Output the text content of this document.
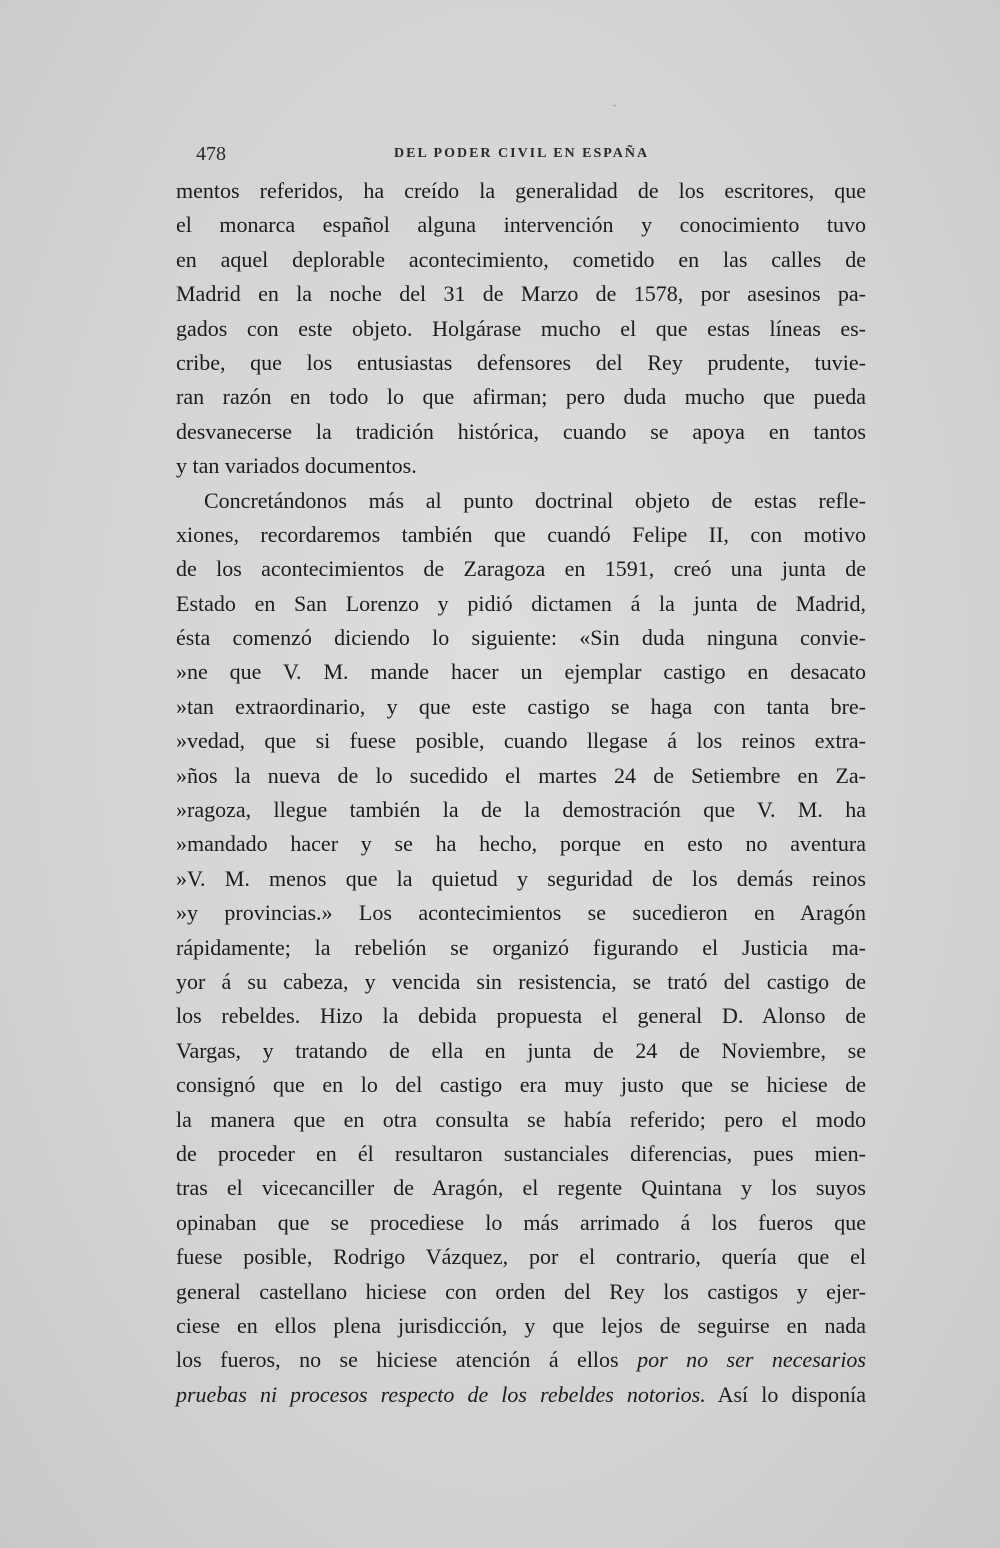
·
478	DEL PODER CIVIL EN ESPAÑA
mentos referidos, ha creído la generalidad de los escritores, que
el monarca español alguna intervención y conocimiento tuvo
en aquel deplorable acontecimiento, cometido en las calles de
Madrid en la noche del 31 de Marzo de 1578, por asesinos pa-
gados con este objeto. Holgárase mucho el que estas líneas es-
cribe, que los entusiastas defensores del Rey prudente, tuvie-
ran razón en todo lo que afirman; pero duda mucho que pueda
desvanecerse la tradición histórica, cuando se apoya en tantos
y tan variados documentos.
Concretándonos más al punto doctrinal objeto de estas refle-
xiones, recordaremos también que cuandó Felipe II, con motivo
de los acontecimientos de Zaragoza en 1591, creó una junta de
Estado en San Lorenzo y pidió dictamen á la junta de Madrid,
ésta comenzó diciendo lo siguiente: «Sin duda ninguna convie-
»ne que V. M. mande hacer un ejemplar castigo en desacato
»tan extraordinario, y que este castigo se haga con tanta bre-
»vedad, que si fuese posible, cuando llegase á los reinos extra-
»ños la nueva de lo sucedido el martes 24 de Setiembre en Za-
»ragoza, llegue también la de la demostración que V. M. ha
»mandado hacer y se ha hecho, porque en esto no aventura
»V. M. menos que la quietud y seguridad de los demás reinos
»y provincias.» Los acontecimientos se sucedieron en Aragón
rápidamente; la rebelión se organizó figurando el Justicia ma-
yor á su cabeza, y vencida sin resistencia, se trató del castigo de
los rebeldes. Hizo la debida propuesta el general D. Alonso de
Vargas, y tratando de ella en junta de 24 de Noviembre, se
consignó que en lo del castigo era muy justo que se hiciese de
la manera que en otra consulta se había referido; pero el modo
de proceder en él resultaron sustanciales diferencias, pues mien-
tras el vicecanciller de Aragón, el regente Quintana y los suyos
opinaban que se procediese lo más arrimado á los fueros que
fuese posible, Rodrigo Vázquez, por el contrario, quería que el
general castellano hiciese con orden del Rey los castigos y ejer-
ciese en ellos plena jurisdicción, y que lejos de seguirse en nada
los fueros, no se hiciese atención á ellos por no ser necesarios
pruebas ni procesos respecto de los rebeldes notorios. Así lo disponía
